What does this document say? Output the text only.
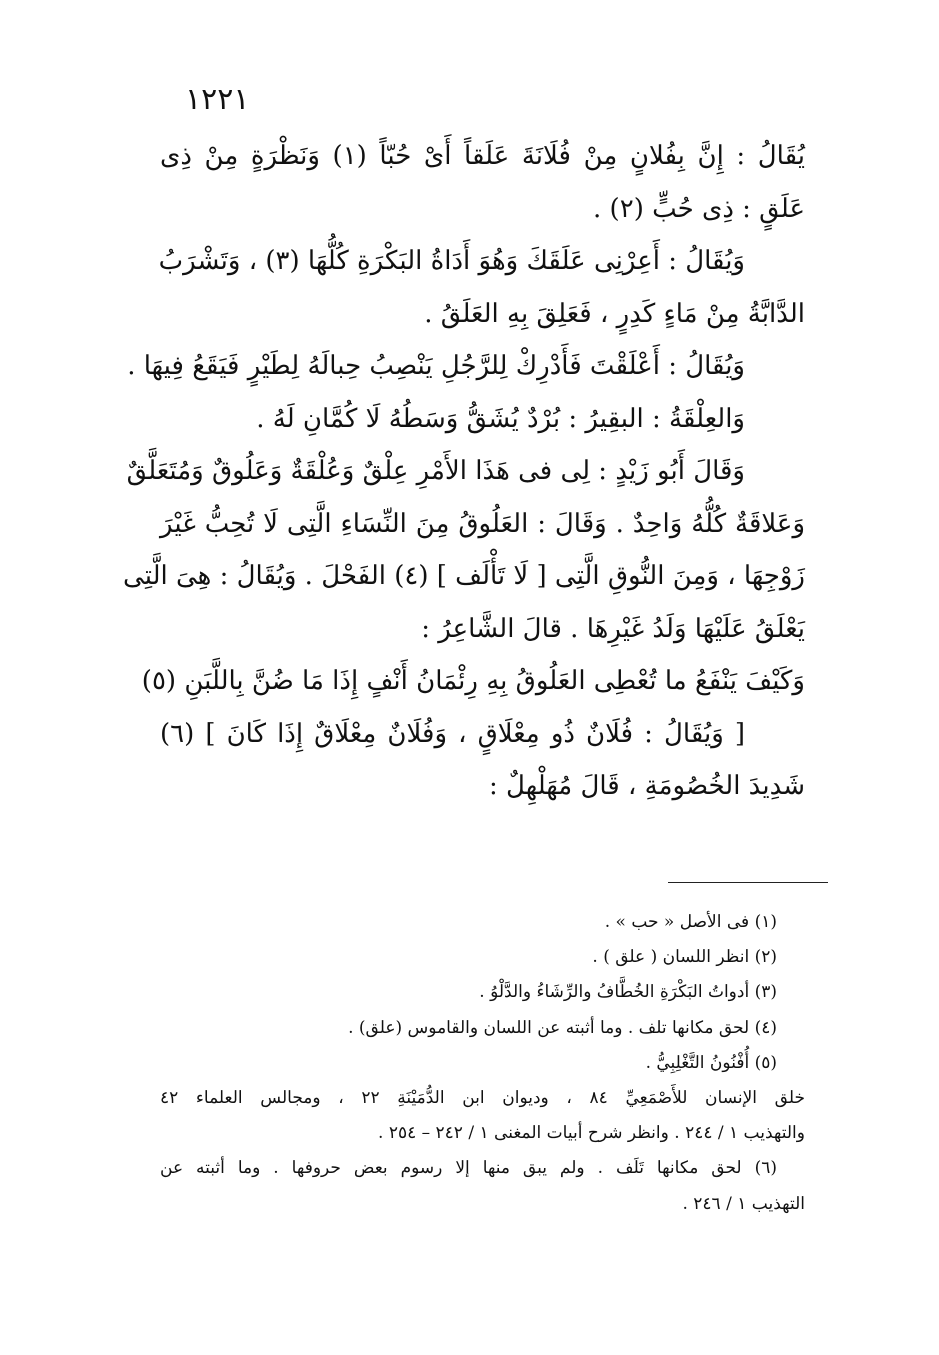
١٢٢١
يُقَالُ : إِنَّ بِفُلانٍ مِنْ فُلَانَةَ عَلَقاً أَىْ حُبّاً (١) وَنَظْرَةٍ مِنْ ذِى
عَلَقٍ : ذِى حُبٍّ (٢) .
وَيُقَالُ : أَعِرْنِى عَلَقَكَ وَهُوَ أَدَاةُ البَكْرَةِ كُلُّهَا (٣) ، وَتَشْرَبُ
الدَّابَّةُ مِنْ مَاءٍ كَدِرٍ ، فَعَلِقَ بِهِ العَلَقُ .
وَيُقَالُ : أَعْلَقْتَ فَأَدْرِكْ لِلرَّجُلِ يَنْصِبُ حِبالَهُ لِطَيْرٍ فَيَقَعُ فِيهَا .
وَالعِلْقَةُ : البقِيرُ : بُرْدٌ يُشَقُّ وَسَطُهُ لَا كُمَّانِ لَهُ .
وَقَالَ أَبُو زَيْدٍ : لِى فى هَذَا الأَمْرِ عِلْقٌ وَعُلْقَةٌ وَعَلُوقٌ وَمُتَعَلَّقٌ
وَعَلاقَةٌ كُلُّهُ وَاحِدٌ . وَقَالَ : العَلُوقُ مِنَ النِّسَاءِ الَّتِى لَا تُحِبُّ غَيْرَ
زَوْجِهَا ، وَمِنَ النُّوقِ الَّتِى [ لَا تَأْلَف ] (٤) الفَحْلَ . وَيُقَالُ : هِىَ الَّتِى
يَعْلَقُ عَلَيْهَا وَلَدُ غَيْرِهَا . قالَ الشَّاعِرُ :
وَكَيْفَ يَنْفَعُ ما تُعْطِى العَلُوقُ بِهِ رِئْمَانُ أَنْفٍ إِذَا مَا ضُنَّ بِاللَّبَنِ (٥)
[ وَيُقَالُ : فُلَانٌ ذُو مِعْلَاقٍ ، وَفُلَانٌ مِعْلَاقٌ إِذَا كَانَ ] (٦)
شَدِيدَ الخُصُومَةِ ، قَالَ مُهَلْهِلٌ :
(١) فى الأصل « حب » .
(٢) انظر اللسان ( علق ) .
(٣) أدواتُ البَكْرَةِ الخُطَّافُ والرِّشَاءُ والدَّلْوُ .
(٤) لحق مكانها تلف . وما أثبته عن اللسان والقاموس (علق) .
(٥) أُفْنُونُ التَّغْلِبِيُّ .
خلق الإنسان للأَصْمَعِيِّ ٨٤ ، وديوان ابن الدُّمَيْنَةِ ٢٢ ، ومجالس العلماء ٤٢
والتهذيب ١ / ٢٤٤ . وانظر شرح أبيات المغنى ١ / ٢٤٢ – ٢٥٤ .
(٦) لحق مكانها تَلَف . ولم يبق منها إلا رسوم بعض حروفها . وما أثبته عن
التهذيب ١ / ٢٤٦ .
